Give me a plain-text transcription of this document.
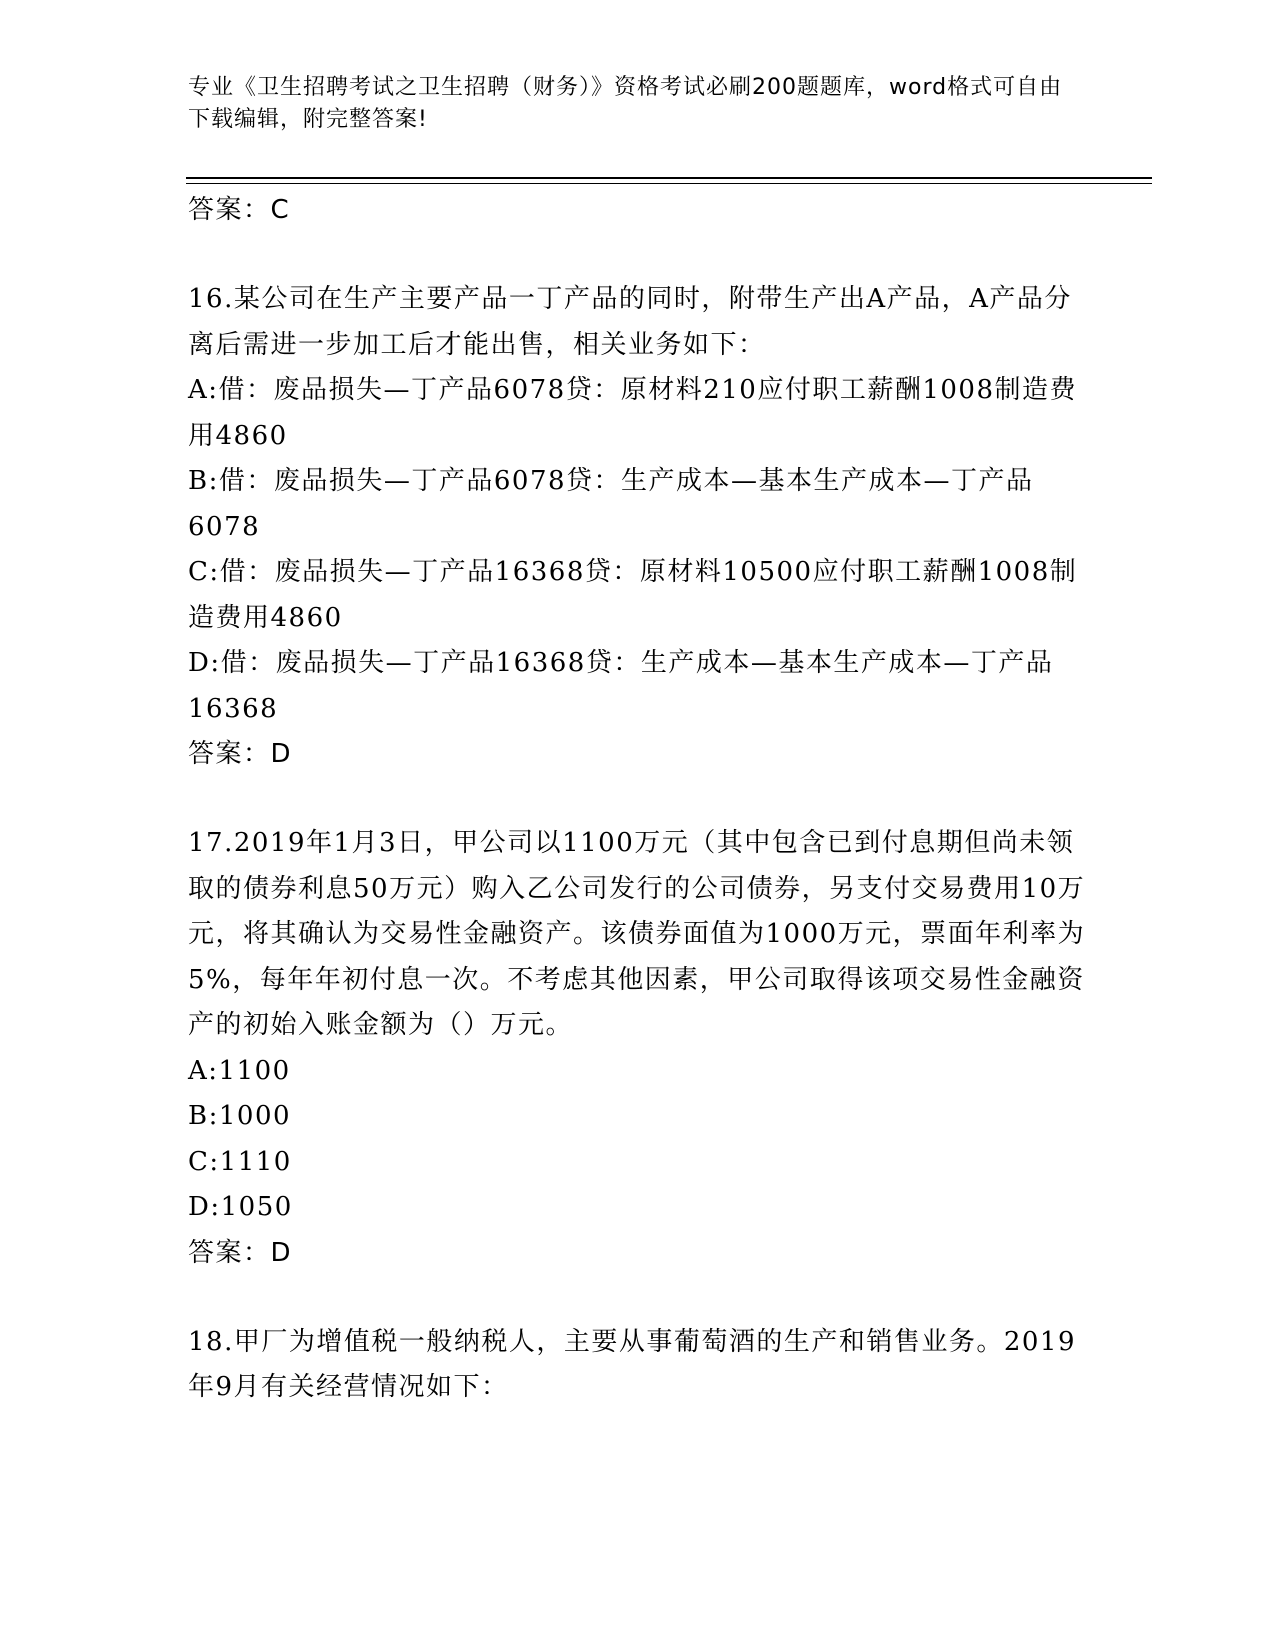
专业《卫生招聘考试之卫生招聘（财务）》资格考试必刷200题题库，word格式可自由下载编辑，附完整答案!
答案：C
16.某公司在生产主要产品一丁产品的同时，附带生产出A产品，A产品分离后需进一步加工后才能出售，相关业务如下：
A:借：废品损失—丁产品6078贷：原材料210应付职工薪酬1008制造费用4860
B:借：废品损失—丁产品6078贷：生产成本—基本生产成本—丁产品6078
C:借：废品损失—丁产品16368贷：原材料10500应付职工薪酬1008制造费用4860
D:借：废品损失—丁产品16368贷：生产成本—基本生产成本—丁产品16368
答案：D
17.2019年1月3日，甲公司以1100万元（其中包含已到付息期但尚未领取的债券利息50万元）购入乙公司发行的公司债券，另支付交易费用10万元，将其确认为交易性金融资产。该债券面值为1000万元，票面年利率为5%，每年年初付息一次。不考虑其他因素，甲公司取得该项交易性金融资产的初始入账金额为（）万元。
A:1100
B:1000
C:1110
D:1050
答案：D
18.甲厂为增值税一般纳税人，主要从事葡萄酒的生产和销售业务。2019年9月有关经营情况如下：
